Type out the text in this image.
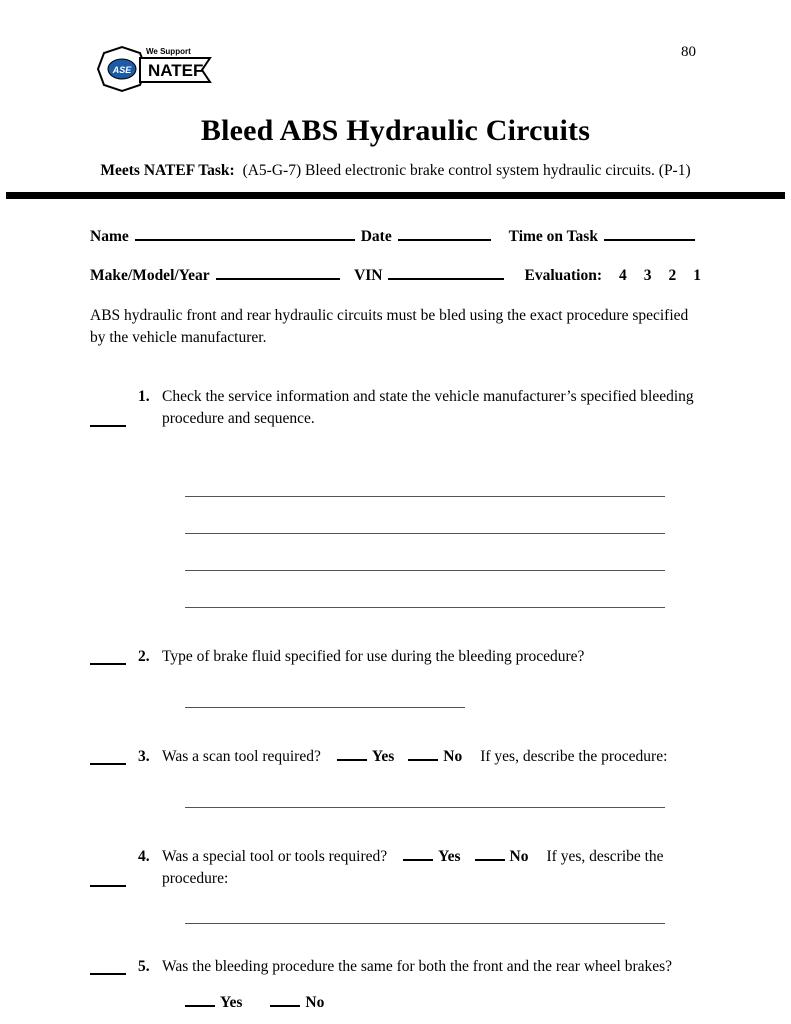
ASE
We Support
NATEF
80
Bleed ABS Hydraulic Circuits

Meets NATEF Task: (A5-G-7) Bleed electronic brake control system hydraulic circuits. (P-1)

Name	Date	Time on Task
Make/Model/Year	VIN	Evaluation: 4 3 2 1

ABS hydraulic front and rear hydraulic circuits must be bled using the exact procedure specified by the vehicle manufacturer.

1. Check the service information and state the vehicle manufacturer’s specified bleeding procedure and sequence.
2. Type of brake fluid specified for use during the bleeding procedure?
3. Was a scan tool required?	Yes	No If yes, describe the procedure:
4. Was a special tool or tools required?	Yes	No If yes, describe the procedure:
5. Was the bleeding procedure the same for both the front and the rear wheel brakes?
Yes	No
